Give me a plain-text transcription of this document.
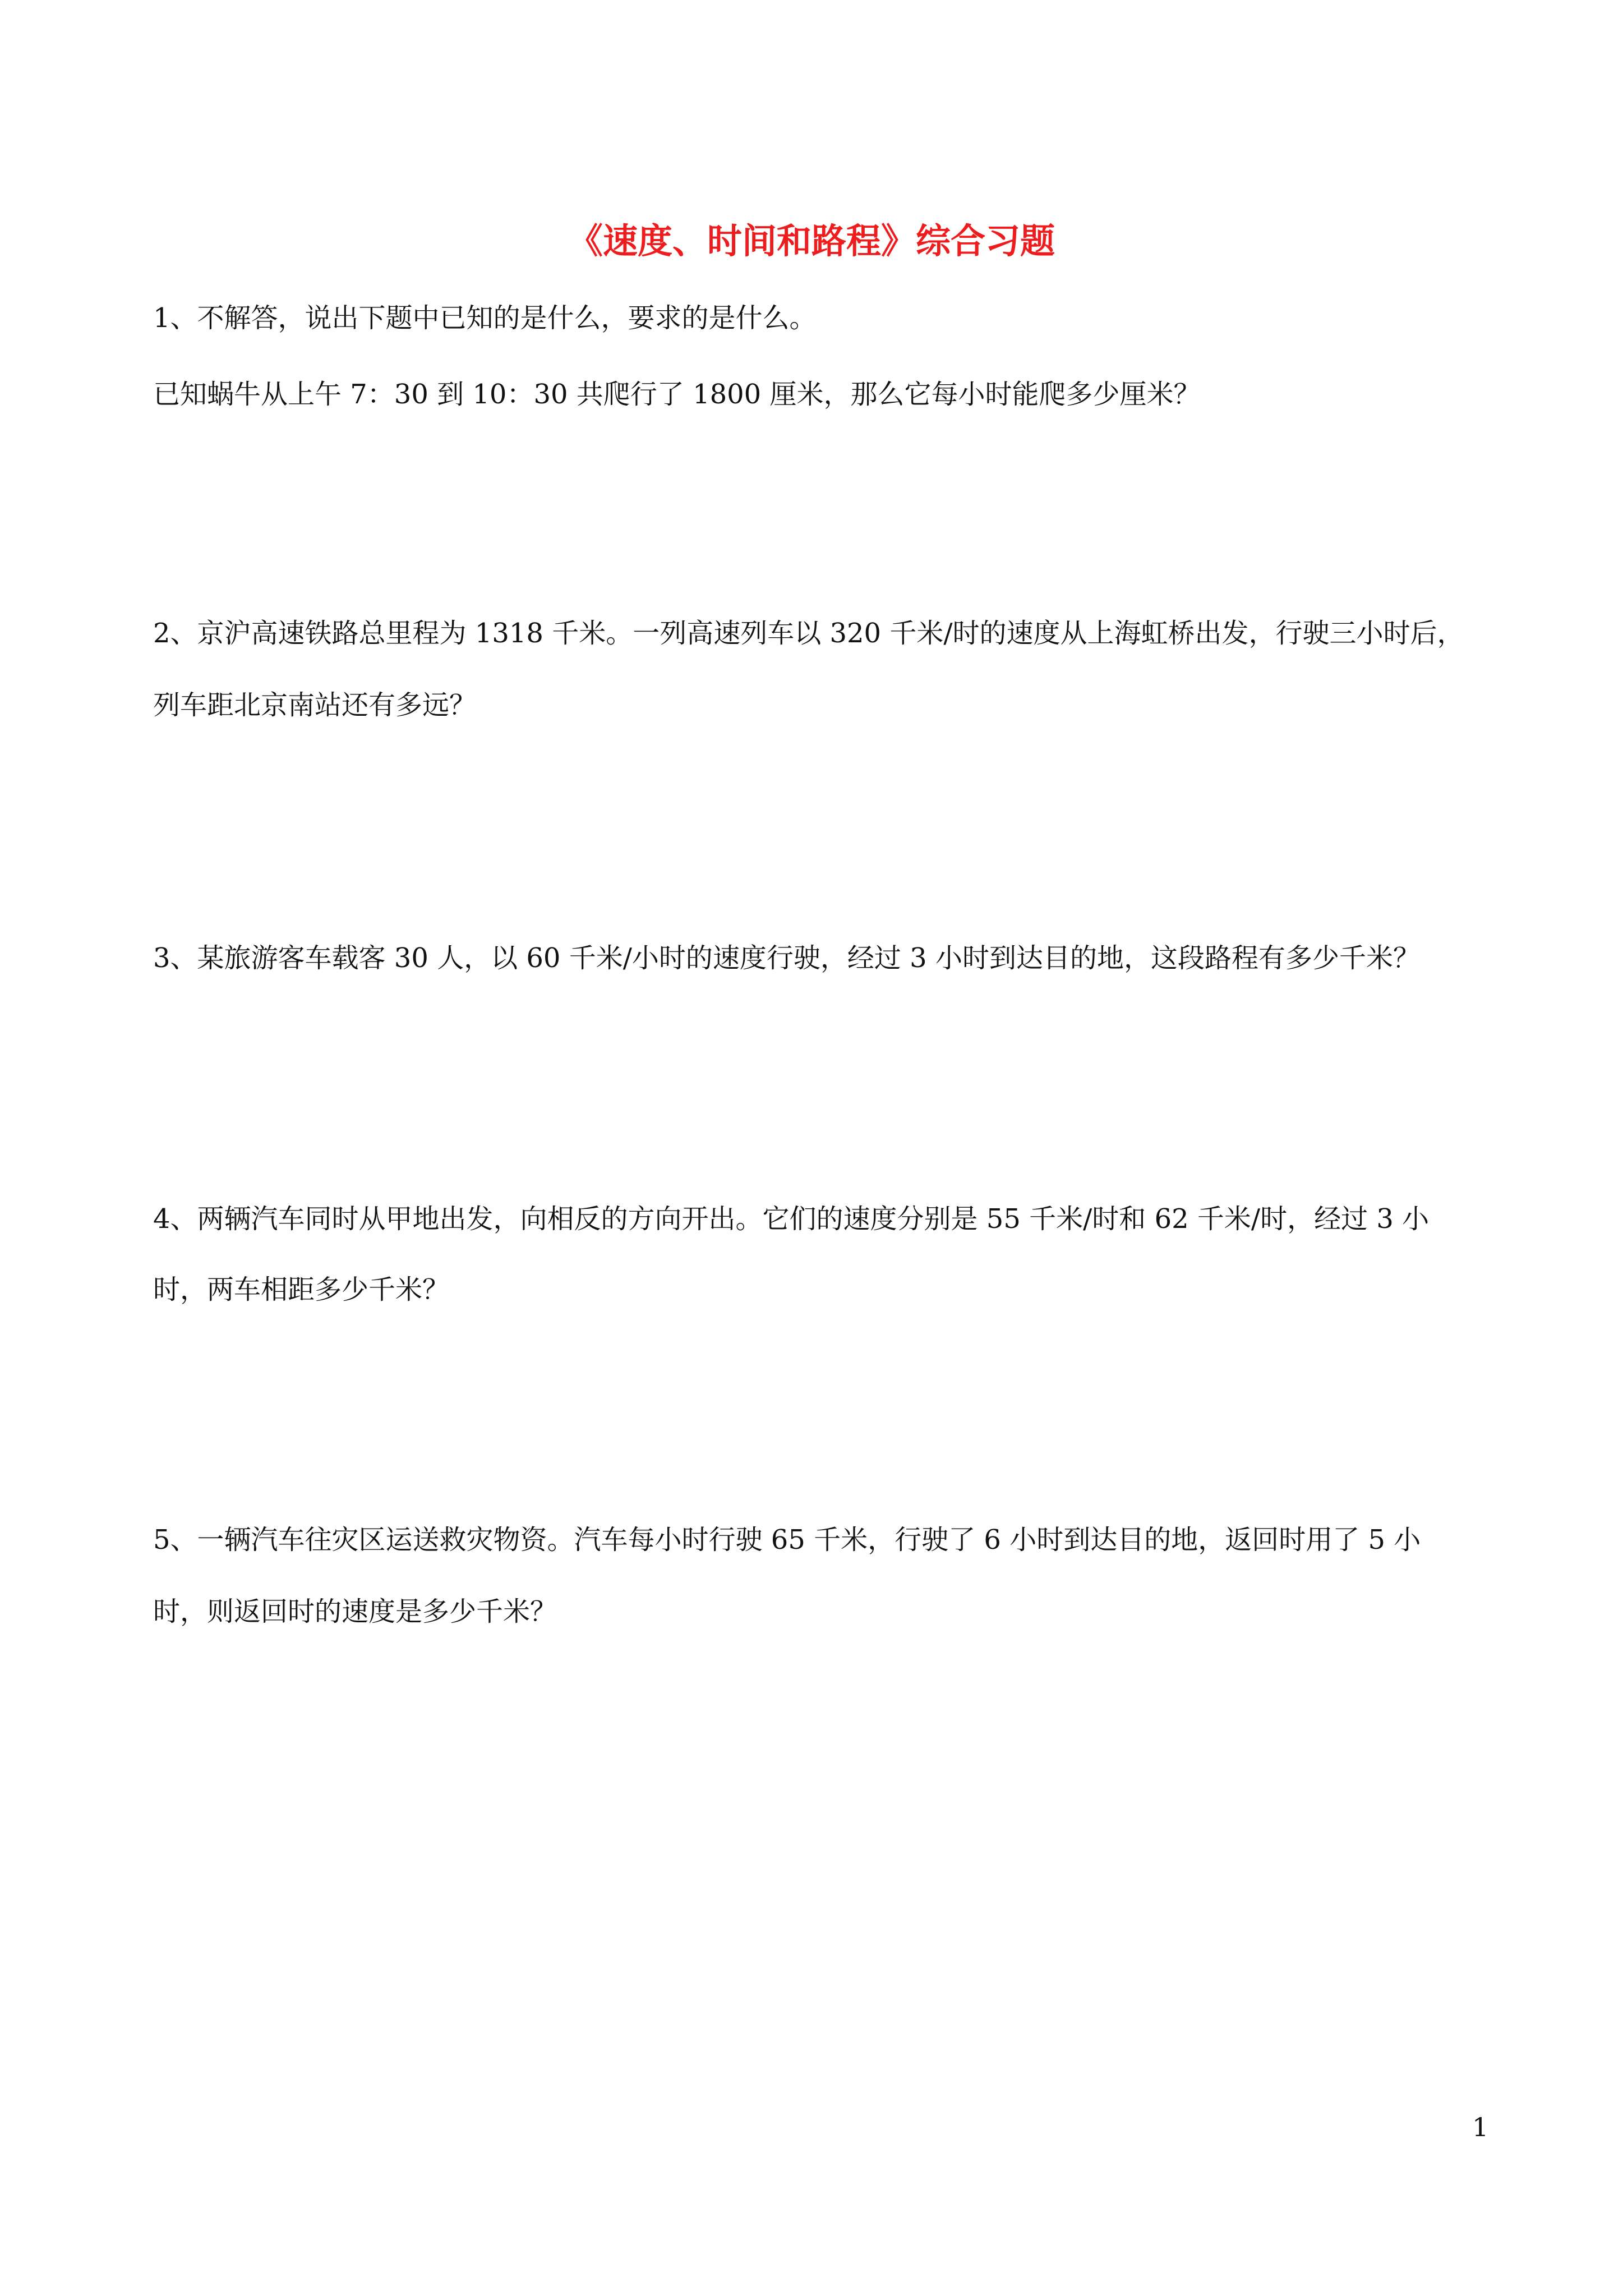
《速度、时间和路程》综合习题
1、不解答，说出下题中已知的是什么，要求的是什么。
已知蜗牛从上午 7：30 到 10：30 共爬行了 1800 厘米，那么它每小时能爬多少厘米？
2、京沪高速铁路总里程为 1318 千米。一列高速列车以 320 千米/时的速度从上海虹桥出发，行驶三小时后，
列车距北京南站还有多远？
3、某旅游客车载客 30 人，以 60 千米/小时的速度行驶，经过 3 小时到达目的地，这段路程有多少千米？
4、两辆汽车同时从甲地出发，向相反的方向开出。它们的速度分别是 55 千米/时和 62 千米/时，经过 3 小
时，两车相距多少千米？
5、一辆汽车往灾区运送救灾物资。汽车每小时行驶 65 千米，行驶了 6 小时到达目的地，返回时用了 5 小
时，则返回时的速度是多少千米？
1
